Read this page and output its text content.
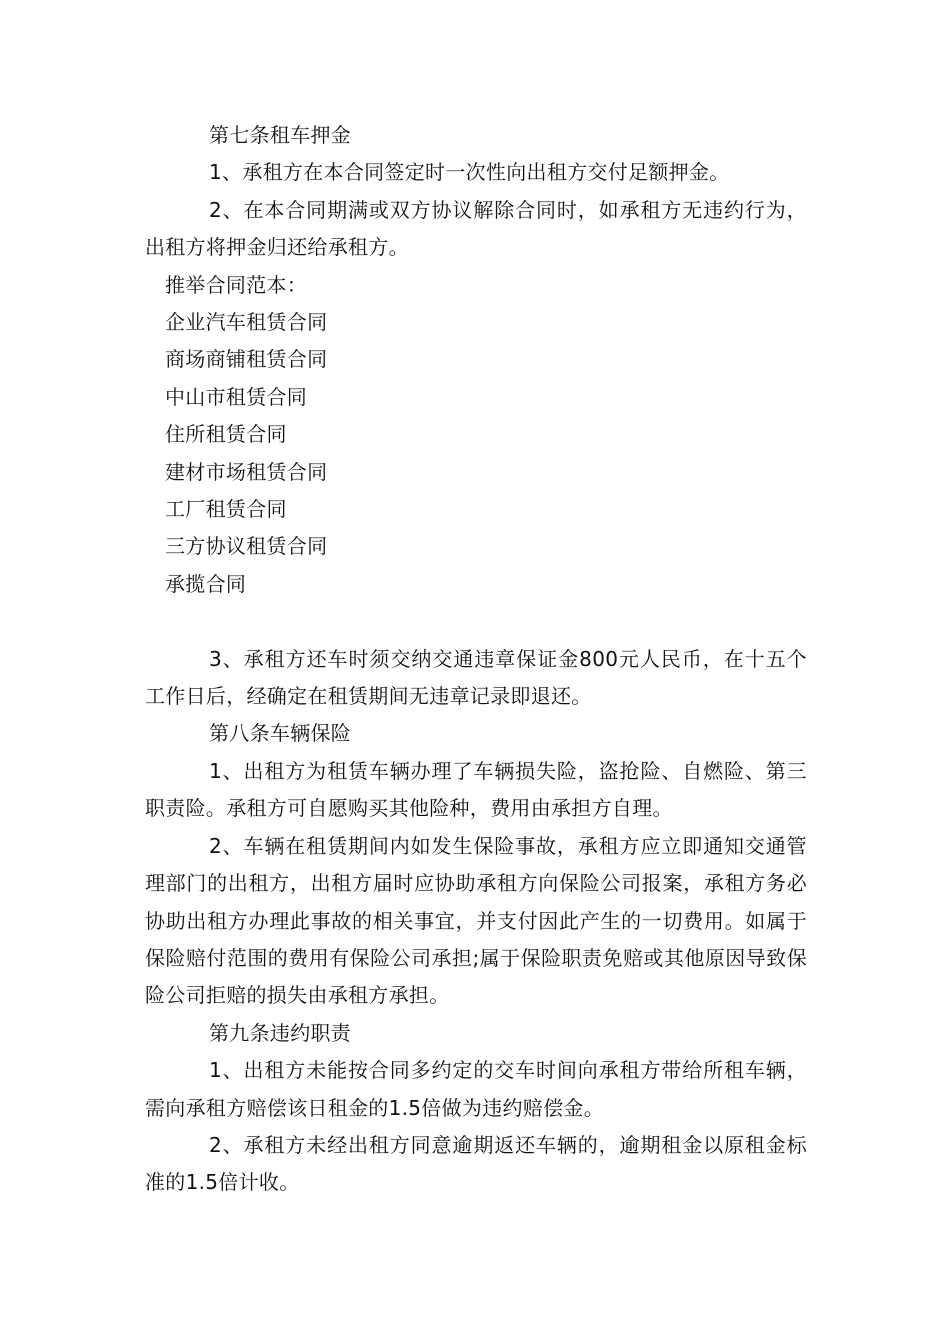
第七条租车押金

1、承租方在本合同签定时一次性向出租方交付足额押金。

2、在本合同期满或双方协议解除合同时，如承租方无违约行为，出租方将押金归还给承租方。

推举合同范本：

企业汽车租赁合同

商场商铺租赁合同

中山市租赁合同

住所租赁合同

建材市场租赁合同

工厂租赁合同

三方协议租赁合同

承揽合同

3、承租方还车时须交纳交通违章保证金800元人民币，在十五个工作日后，经确定在租赁期间无违章记录即退还。

第八条车辆保险

1、出租方为租赁车辆办理了车辆损失险，盗抢险、自燃险、第三职责险。承租方可自愿购买其他险种，费用由承担方自理。

2、车辆在租赁期间内如发生保险事故，承租方应立即通知交通管理部门的出租方，出租方届时应协助承租方向保险公司报案，承租方务必协助出租方办理此事故的相关事宜，并支付因此产生的一切费用。如属于保险赔付范围的费用有保险公司承担;属于保险职责免赔或其他原因导致保险公司拒赔的损失由承租方承担。

第九条违约职责

1、出租方未能按合同多约定的交车时间向承租方带给所租车辆，需向承租方赔偿该日租金的1.5倍做为违约赔偿金。

2、承租方未经出租方同意逾期返还车辆的，逾期租金以原租金标准的1.5倍计收。
